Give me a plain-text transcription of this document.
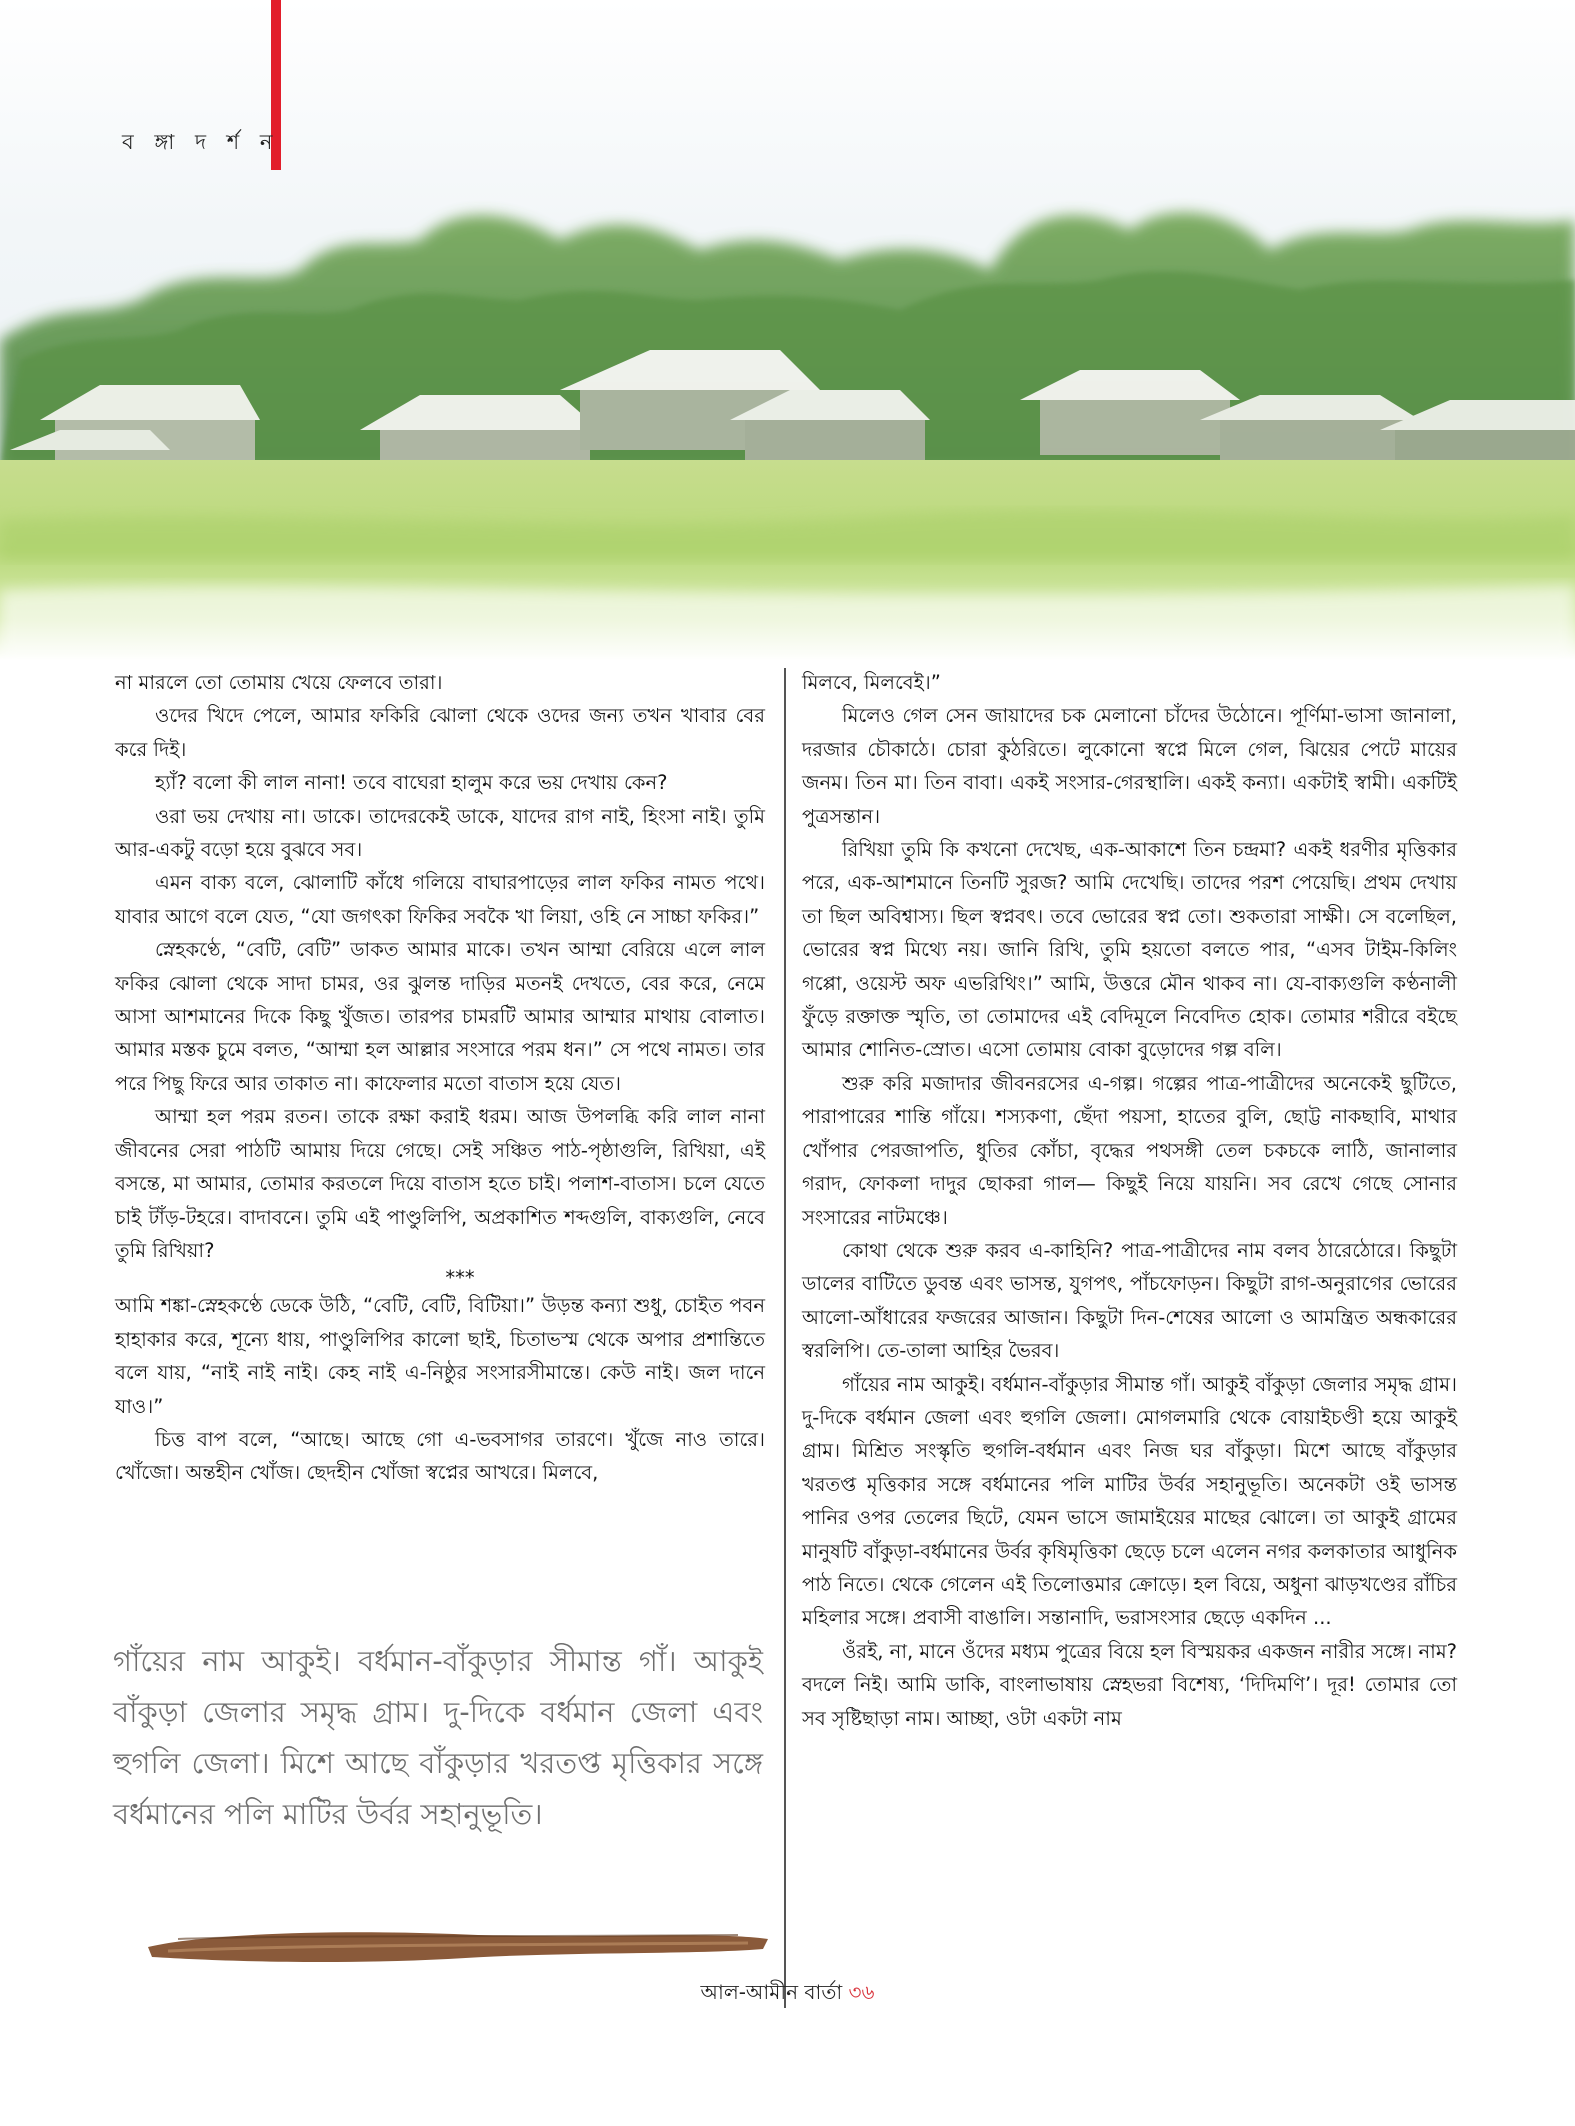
ব ঙ্গা দ র্শ ন

না মারলে তো তোমায় খেয়ে ফেলবে তারা।

ওদের খিদে পেলে, আমার ফকিরি ঝোলা থেকে ওদের জন্য তখন খাবার বের করে দিই।

হ্যাঁ? বলো কী লাল নানা! তবে বাঘেরা হালুম করে ভয় দেখায় কেন?

ওরা ভয় দেখায় না। ডাকে। তাদেরকেই ডাকে, যাদের রাগ নাই, হিংসা নাই। তুমি আর-একটু বড়ো হয়ে বুঝবে সব।

এমন বাক্য বলে, ঝোলাটি কাঁধে গলিয়ে বাঘারপাড়ের লাল ফকির নামত পথে। যাবার আগে বলে যেত, “যো জগৎকা ফিকির সবকৈ খা লিয়া, ওহি নে সাচ্চা ফকির।”

স্নেহকণ্ঠে, “বেটি, বেটি” ডাকত আমার মাকে। তখন আম্মা বেরিয়ে এলে লাল ফকির ঝোলা থেকে সাদা চামর, ওর ঝুলন্ত দাড়ির মতনই দেখতে, বের করে, নেমে আসা আশমানের দিকে কিছু খুঁজত। তারপর চামরটি আমার আম্মার মাথায় বোলাত। আমার মস্তক চুমে বলত, “আম্মা হল আল্লার সংসারে পরম ধন।” সে পথে নামত। তার পরে পিছু ফিরে আর তাকাত না। কাফেলার মতো বাতাস হয়ে যেত।

আম্মা হল পরম রতন। তাকে রক্ষা করাই ধরম। আজ উপলব্ধি করি লাল নানা জীবনের সেরা পাঠটি আমায় দিয়ে গেছে। সেই সঞ্চিত পাঠ-পৃষ্ঠাগুলি, রিখিয়া, এই বসন্তে, মা আমার, তোমার করতলে দিয়ে বাতাস হতে চাই। পলাশ-বাতাস। চলে যেতে চাই টাঁড়-টহরে। বাদাবনে। তুমি এই পাণ্ডুলিপি, অপ্রকাশিত শব্দগুলি, বাক্যগুলি, নেবে তুমি রিখিয়া?

***

আমি শঙ্কা-স্নেহকণ্ঠে ডেকে উঠি, “বেটি, বেটি, বিটিয়া।” উড়ন্ত কন্যা শুধু, চোইত পবন হাহাকার করে, শূন্যে ধায়, পাণ্ডুলিপির কালো ছাই, চিতাভস্ম থেকে অপার প্রশান্তিতে বলে যায়, “নাই নাই নাই। কেহ নাই এ-নিষ্ঠুর সংসারসীমান্তে। কেউ নাই। জল দানে যাও।”

চিত্ত বাপ বলে, “আছে। আছে গো এ-ভবসাগর তারণে। খুঁজে নাও তারে। খোঁজো। অন্তহীন খোঁজ। ছেদহীন খোঁজা স্বপ্নের আখরে। মিলবে,

মিলবে, মিলবেই।”

মিলেও গেল সেন জায়াদের চক মেলানো চাঁদের উঠোনে। পূর্ণিমা-ভাসা জানালা, দরজার চৌকাঠে। চোরা কুঠরিতে। লুকোনো স্বপ্নে মিলে গেল, ঝিয়ের পেটে মায়ের জনম। তিন মা। তিন বাবা। একই সংসার-গেরস্থালি। একই কন্যা। একটাই স্বামী। একটিই পুত্রসন্তান।

রিখিয়া তুমি কি কখনো দেখেছ, এক-আকাশে তিন চন্দ্রমা? একই ধরণীর মৃত্তিকার পরে, এক-আশমানে তিনটি সুরজ? আমি দেখেছি। তাদের পরশ পেয়েছি। প্রথম দেখায় তা ছিল অবিশ্বাস্য। ছিল স্বপ্নবৎ। তবে ভোরের স্বপ্ন তো। শুকতারা সাক্ষী। সে বলেছিল, ভোরের স্বপ্ন মিথ্যে নয়। জানি রিখি, তুমি হয়তো বলতে পার, “এসব টাইম-কিলিং গপ্পো, ওয়েস্ট অফ এভরিথিং।” আমি, উত্তরে মৌন থাকব না। যে-বাক্যগুলি কণ্ঠনালী ফুঁড়ে রক্তাক্ত স্মৃতি, তা তোমাদের এই বেদিমূলে নিবেদিত হোক। তোমার শরীরে বইছে আমার শোনিত-স্রোত। এসো তোমায় বোকা বুড়োদের গল্প বলি।

শুরু করি মজাদার জীবনরসের এ-গল্প। গল্পের পাত্র-পাত্রীদের অনেকেই ছুটিতে, পারাপারের শান্তি গাঁয়ে। শস্যকণা, ছেঁদা পয়সা, হাতের বুলি, ছোট্ট নাকছাবি, মাথার খোঁপার পেরজাপতি, ধুতির কোঁচা, বৃদ্ধের পথসঙ্গী তেল চকচকে লাঠি, জানালার গরাদ, ফোকলা দাদুর ছোকরা গাল— কিছুই নিয়ে যায়নি। সব রেখে গেছে সোনার সংসারের নাটমঞ্চে।

কোথা থেকে শুরু করব এ-কাহিনি? পাত্র-পাত্রীদের নাম বলব ঠারেঠোরে। কিছুটা ডালের বাটিতে ডুবন্ত এবং ভাসন্ত, যুগপৎ, পাঁচফোড়ন। কিছুটা রাগ-অনুরাগের ভোরের আলো-আঁধারের ফজরের আজান। কিছুটা দিন-শেষের আলো ও আমন্ত্রিত অন্ধকারের স্বরলিপি। তে-তালা আহির ভৈরব।

গাঁয়ের নাম আকুই। বর্ধমান-বাঁকুড়ার সীমান্ত গাঁ। আকুই বাঁকুড়া জেলার সমৃদ্ধ গ্রাম। দু-দিকে বর্ধমান জেলা এবং হুগলি জেলা। মোগলমারি থেকে বোয়াইচণ্ডী হয়ে আকুই গ্রাম। মিশ্রিত সংস্কৃতি হুগলি-বর্ধমান এবং নিজ ঘর বাঁকুড়া। মিশে আছে বাঁকুড়ার খরতপ্ত মৃত্তিকার সঙ্গে বর্ধমানের পলি মাটির উর্বর সহানুভূতি। অনেকটা ওই ভাসন্ত পানির ওপর তেলের ছিটে, যেমন ভাসে জামাইয়ের মাছের ঝোলে। তা আকুই গ্রামের মানুষটি বাঁকুড়া-বর্ধমানের উর্বর কৃষিমৃত্তিকা ছেড়ে চলে এলেন নগর কলকাতার আধুনিক পাঠ নিতে। থেকে গেলেন এই তিলোত্তমার ক্রোড়ে। হল বিয়ে, অধুনা ঝাড়খণ্ডের রাঁচির মহিলার সঙ্গে। প্রবাসী বাঙালি। সন্তানাদি, ভরাসংসার ছেড়ে একদিন ...

ওঁরই, না, মানে ওঁদের মধ্যম পুত্রের বিয়ে হল বিস্ময়কর একজন নারীর সঙ্গে। নাম? বদলে নিই। আমি ডাকি, বাংলাভাষায় স্নেহভরা বিশেষ্য, ‘দিদিমণি’। দূর! তোমার তো সব সৃষ্টিছাড়া নাম। আচ্ছা, ওটা একটা নাম

গাঁয়ের নাম আকুই। বর্ধমান-বাঁকুড়ার সীমান্ত গাঁ। আকুই বাঁকুড়া জেলার সমৃদ্ধ গ্রাম। দু-দিকে বর্ধমান জেলা এবং হুগলি জেলা। মিশে আছে বাঁকুড়ার খরতপ্ত মৃত্তিকার সঙ্গে বর্ধমানের পলি মাটির উর্বর সহানুভূতি।
আল-আমীন বার্তা ৩৬
